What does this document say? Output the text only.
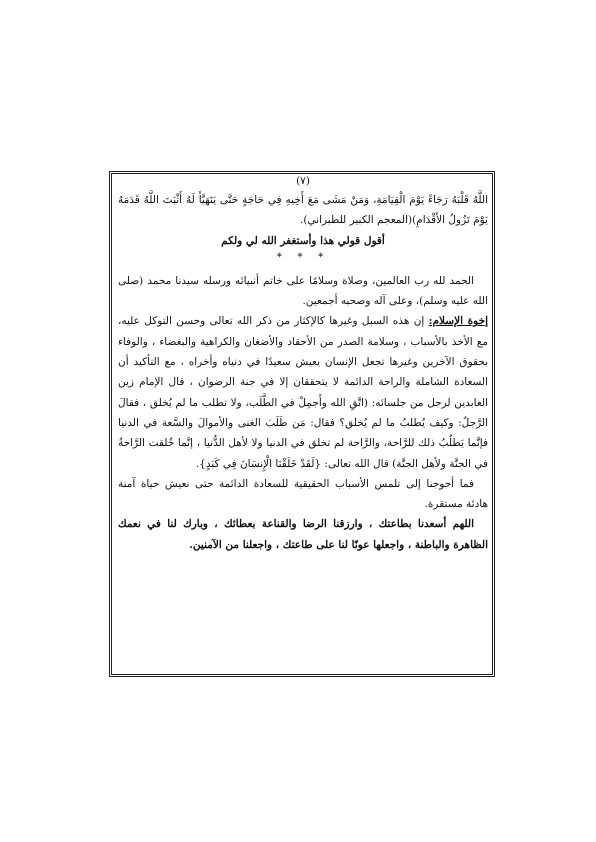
(٧)

اللَّهُ قَلْبَهُ رَجَاءً يَوْمَ الْقِيَامَةِ، وَمَنْ مَشَى مَعَ أَخِيهِ فِي حَاجَةٍ حَتَّى يَتَهَيَّأَ لَهُ أَثْبَتَ اللَّهُ قَدَمَهُ يَوْمَ تَزُولُ الأَقْدَامِ)(المعجم الكبير للطبراني).

أقول قولي هذا وأستغفر الله لي ولكم

* * *

الحمد لله رب العالمين، وصلاة وسلامًا على خاتم أنبيائه ورسله سيدنا محمد (صلى الله عليه وسلم)، وعلى آله وصحبه أجمعين.

إخوة الإسلام: إن هذه السبل وغيرها كالإكثار من ذكر الله تعالى وحسن التوكل عليه، مع الأخذ بالأسباب ، وسلامة الصدر من الأحقاد والأضغان والكراهية والبغضاء ، والوفاء بحقوق الآخرين وغيرها تجعل الإنسان يعيش سعيدًا في دنياه وأخراه ، مع التأكيد أن السعادة الشاملة والراحة الدائمة لا يتحققان إلا في جنة الرضوان ، قال الإمام زين العابدين لرجل من جلسائه: (اتَّقِ الله وأَجمِلْ في الطَّلَب، ولا تطلب ما لم يُخلق ، فقالَ الرَّجلُ: وكيف يُطلبُ ما لم يُخلق؟ فقال: مَن طَلَبَ الغنى والأموالَ والسَّعة في الدنيا فإنَّما يَطلُبُ ذلك للرَّاحة، والرَّاحة لم تخلق في الدنيا ولا لأهل الدُّنيا ، إنَّما خُلقت الرَّاحةُ في الجنَّة ولأهل الجنَّة) قال الله تعالى: {لَقَدْ خَلَقْنَا الْإِنسَانَ فِي كَبَدٍ}.

فما أحوجنا إلى تلمس الأسباب الحقيقية للسعادة الدائمة حتى نعيش حياة آمنة هادئة مستقرة.

اللهم أسعدنا بطاعتك ، وارزقنا الرضا والقناعة بعطائك ، وبارك لنا في نعمك الظاهرة والباطنة ، واجعلها عونًا لنا على طاعتك ، واجعلنا من الآمنين.
